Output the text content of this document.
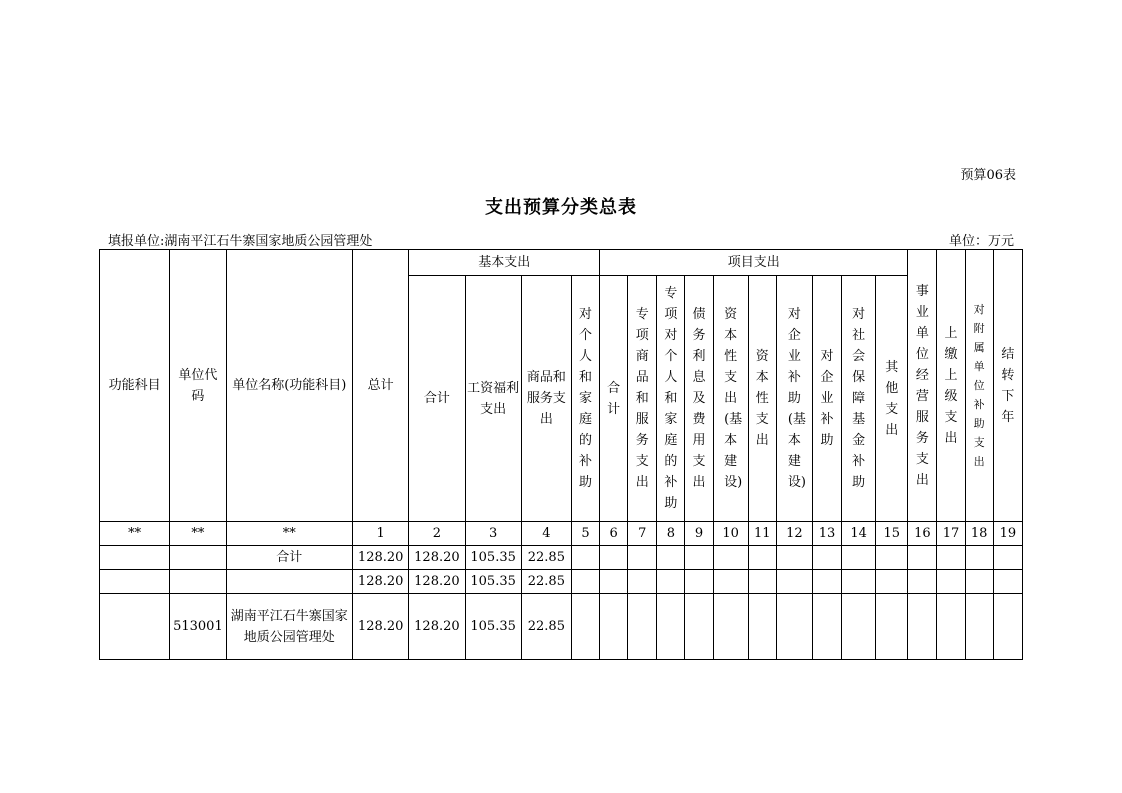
预算06表
支出预算分类总表
填报单位:湖南平江石牛寨国家地质公园管理处	单位：万元
功能科目	单位代码	单位名称(功能科目)	总计	基本支出				项目支出										事业单位经营服务支出	上缴上级支出	对附属单位补助支出	结转下年
				合计	工资福利支出	商品和服务支出	对个人和家庭的补助	合计	专项商品和服务支出	专项对个人和家庭的补助	债务利息及费用支出	资本性支出(基本建设)	资本性支出	对企业补助(基本建设)	对企业补助	对社会保障基金补助	其他支出				
**	**	**	1	2	3	4	5	6	7	8	9	10	11	12	13	14	15	16	17	18	19
		合计	128.20	128.20	105.35	22.85															
			128.20	128.20	105.35	22.85															
	513001	湖南平江石牛寨国家地质公园管理处	128.20	128.20	105.35	22.85															
